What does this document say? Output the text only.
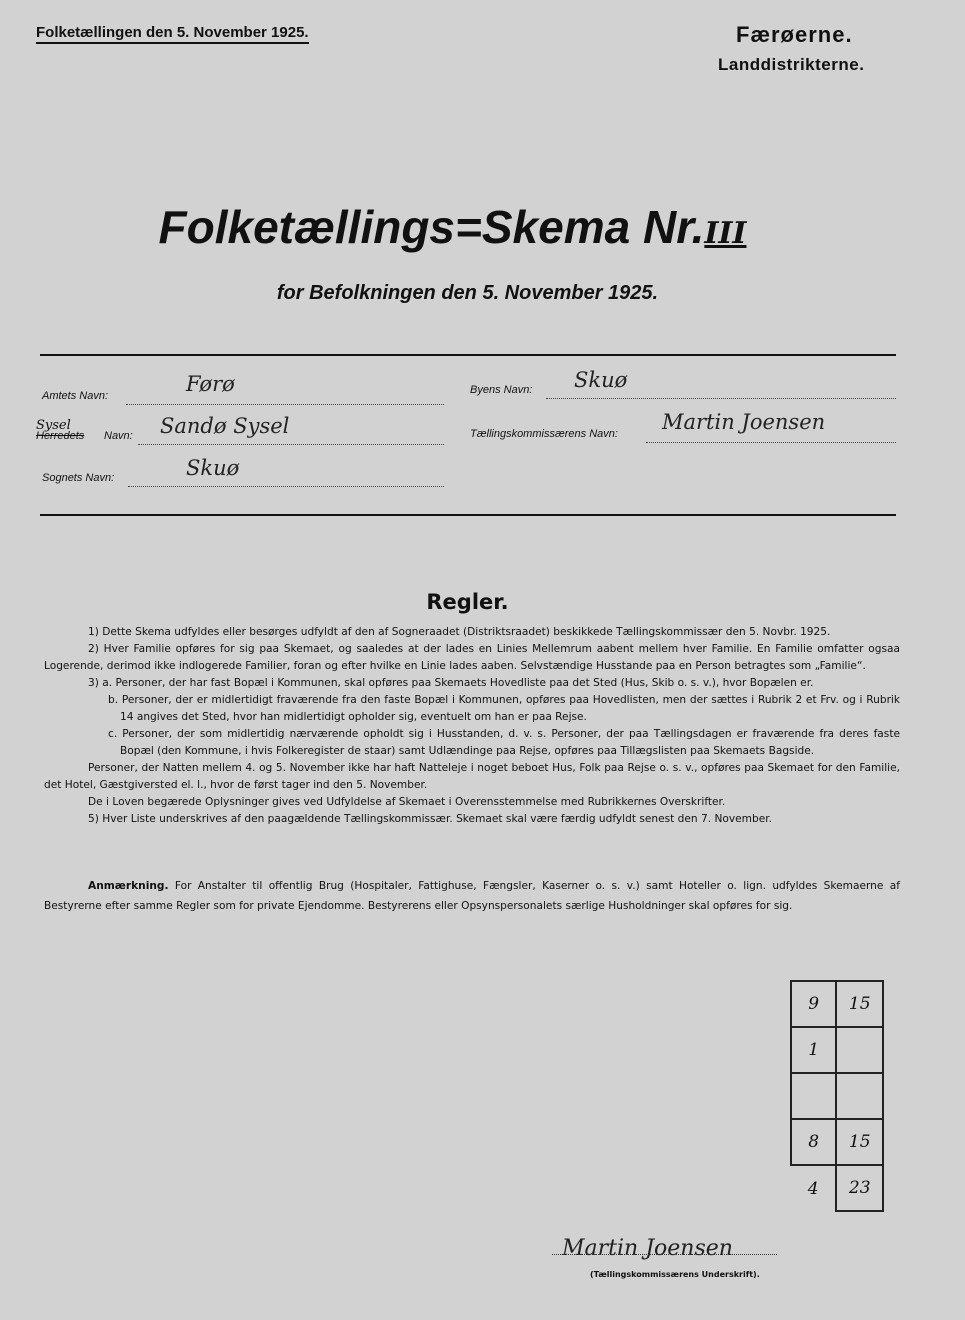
Folketællingen den 5. November 1925.	Færøerne.
Landdistrikterne.
Folketællings=Skema Nr.III
for Befolkningen den 5. November 1925.
Amtets Navn:	Førø
Sysel
Herredets Navn: Sandø Sysel
Sognets Navn:	Skuø
Byens Navn: Skuø
Tællingskommissærens Navn: Martin Joensen
Regler.

1) Dette Skema udfyldes eller besørges udfyldt af den af Sogneraadet (Distriktsraadet) beskikkede Tællingskommissær den 5. Novbr. 1925.

2) Hver Familie opføres for sig paa Skemaet, og saaledes at der lades en Linies Mellemrum aabent mellem hver Familie. En Familie omfatter ogsaa Logerende, derimod ikke indlogerede Familier, foran og efter hvilke en Linie lades aaben. Selvstændige Husstande paa en Person betragtes som „Familie“.

3) a. Personer, der har fast Bopæl i Kommunen, skal opføres paa Skemaets Hovedliste paa det Sted (Hus, Skib o. s. v.), hvor Bopælen er.

b. Personer, der er midlertidigt fraværende fra den faste Bopæl i Kommunen, opføres paa Hovedlisten, men der sættes i Rubrik 2 et Frv. og i Rubrik 14 angives det Sted, hvor han midlertidigt opholder sig, eventuelt om han er paa Rejse.

c. Personer, der som midlertidig nærværende opholdt sig i Husstanden, d. v. s. Personer, der paa Tællingsdagen er fraværende fra deres faste Bopæl (den Kommune, i hvis Folkeregister de staar) samt Udlændinge paa Rejse, opføres paa Tillægslisten paa Skemaets Bagside.

Personer, der Natten mellem 4. og 5. November ikke har haft Natteleje i noget beboet Hus, Folk paa Rejse o. s. v., opføres paa Skemaet for den Familie, det Hotel, Gæstgiversted el. l., hvor de først tager ind den 5. November.

De i Loven begærede Oplysninger gives ved Udfyldelse af Skemaet i Overensstemmelse med Rubrikkernes Overskrifter.

5) Hver Liste underskrives af den paagældende Tællingskommissær. Skemaet skal være færdig udfyldt senest den 7. November.

Anmærkning. For Anstalter til offentlig Brug (Hospitaler, Fattighuse, Fængsler, Kaserner o. s. v.) samt Hoteller o. lign. udfyldes Skemaerne af Bestyrerne efter samme Regler som for private Ejendomme. Bestyrerens eller Opsynspersonalets særlige Husholdninger skal opføres for sig.
9	15
1	

8	15
4	23
Martin Joensen
(Tællingskommissærens Underskrift).
